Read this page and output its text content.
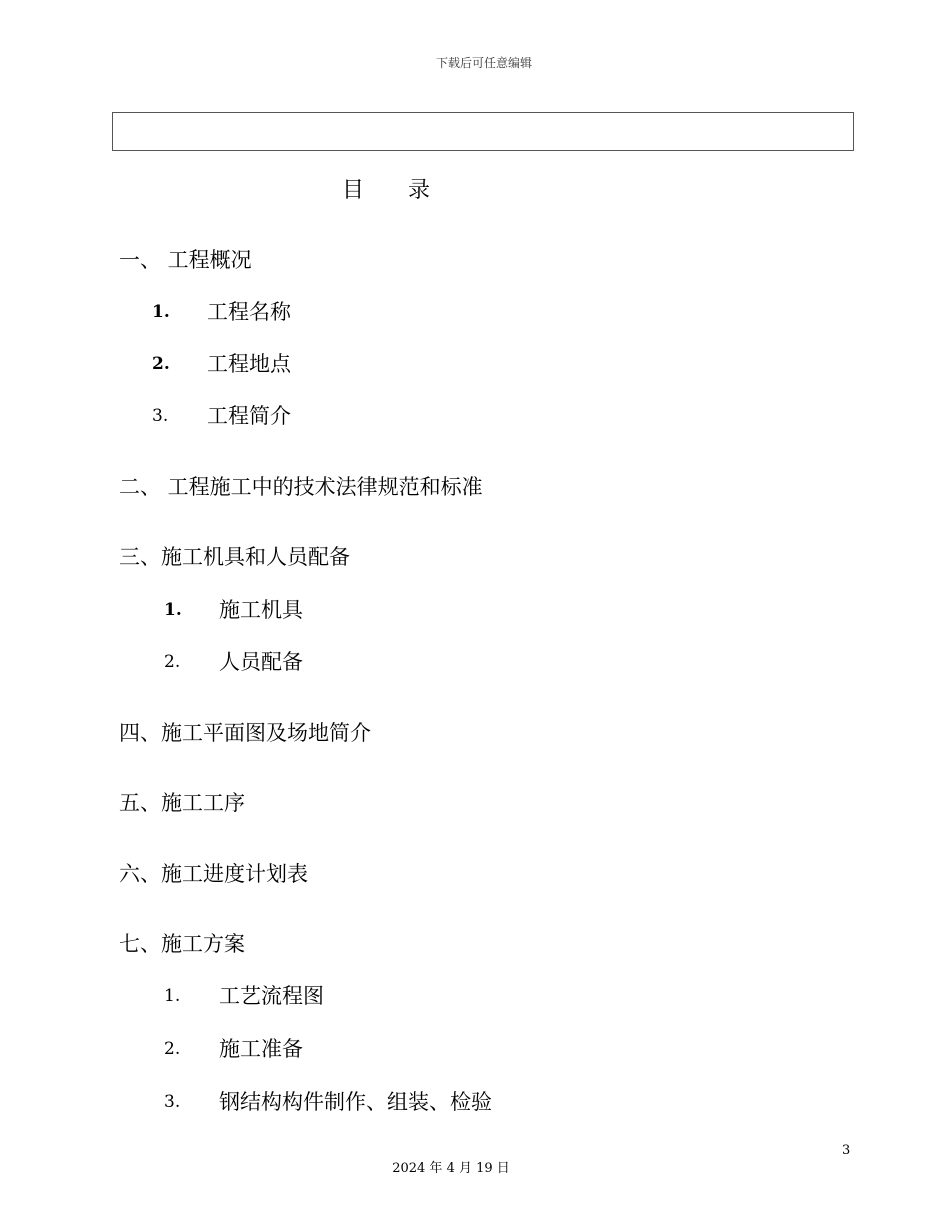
下载后可任意编辑
目 录
一、 工程概况
1. 工程名称
2. 工程地点
3. 工程简介
二、 工程施工中的技术法律规范和标准
三、施工机具和人员配备
1. 施工机具
2. 人员配备
四、施工平面图及场地简介
五、施工工序
六、施工进度计划表
七、施工方案
1. 工艺流程图
2. 施工准备
3. 钢结构构件制作、组装、检验
3
2024 年 4 月 19 日
